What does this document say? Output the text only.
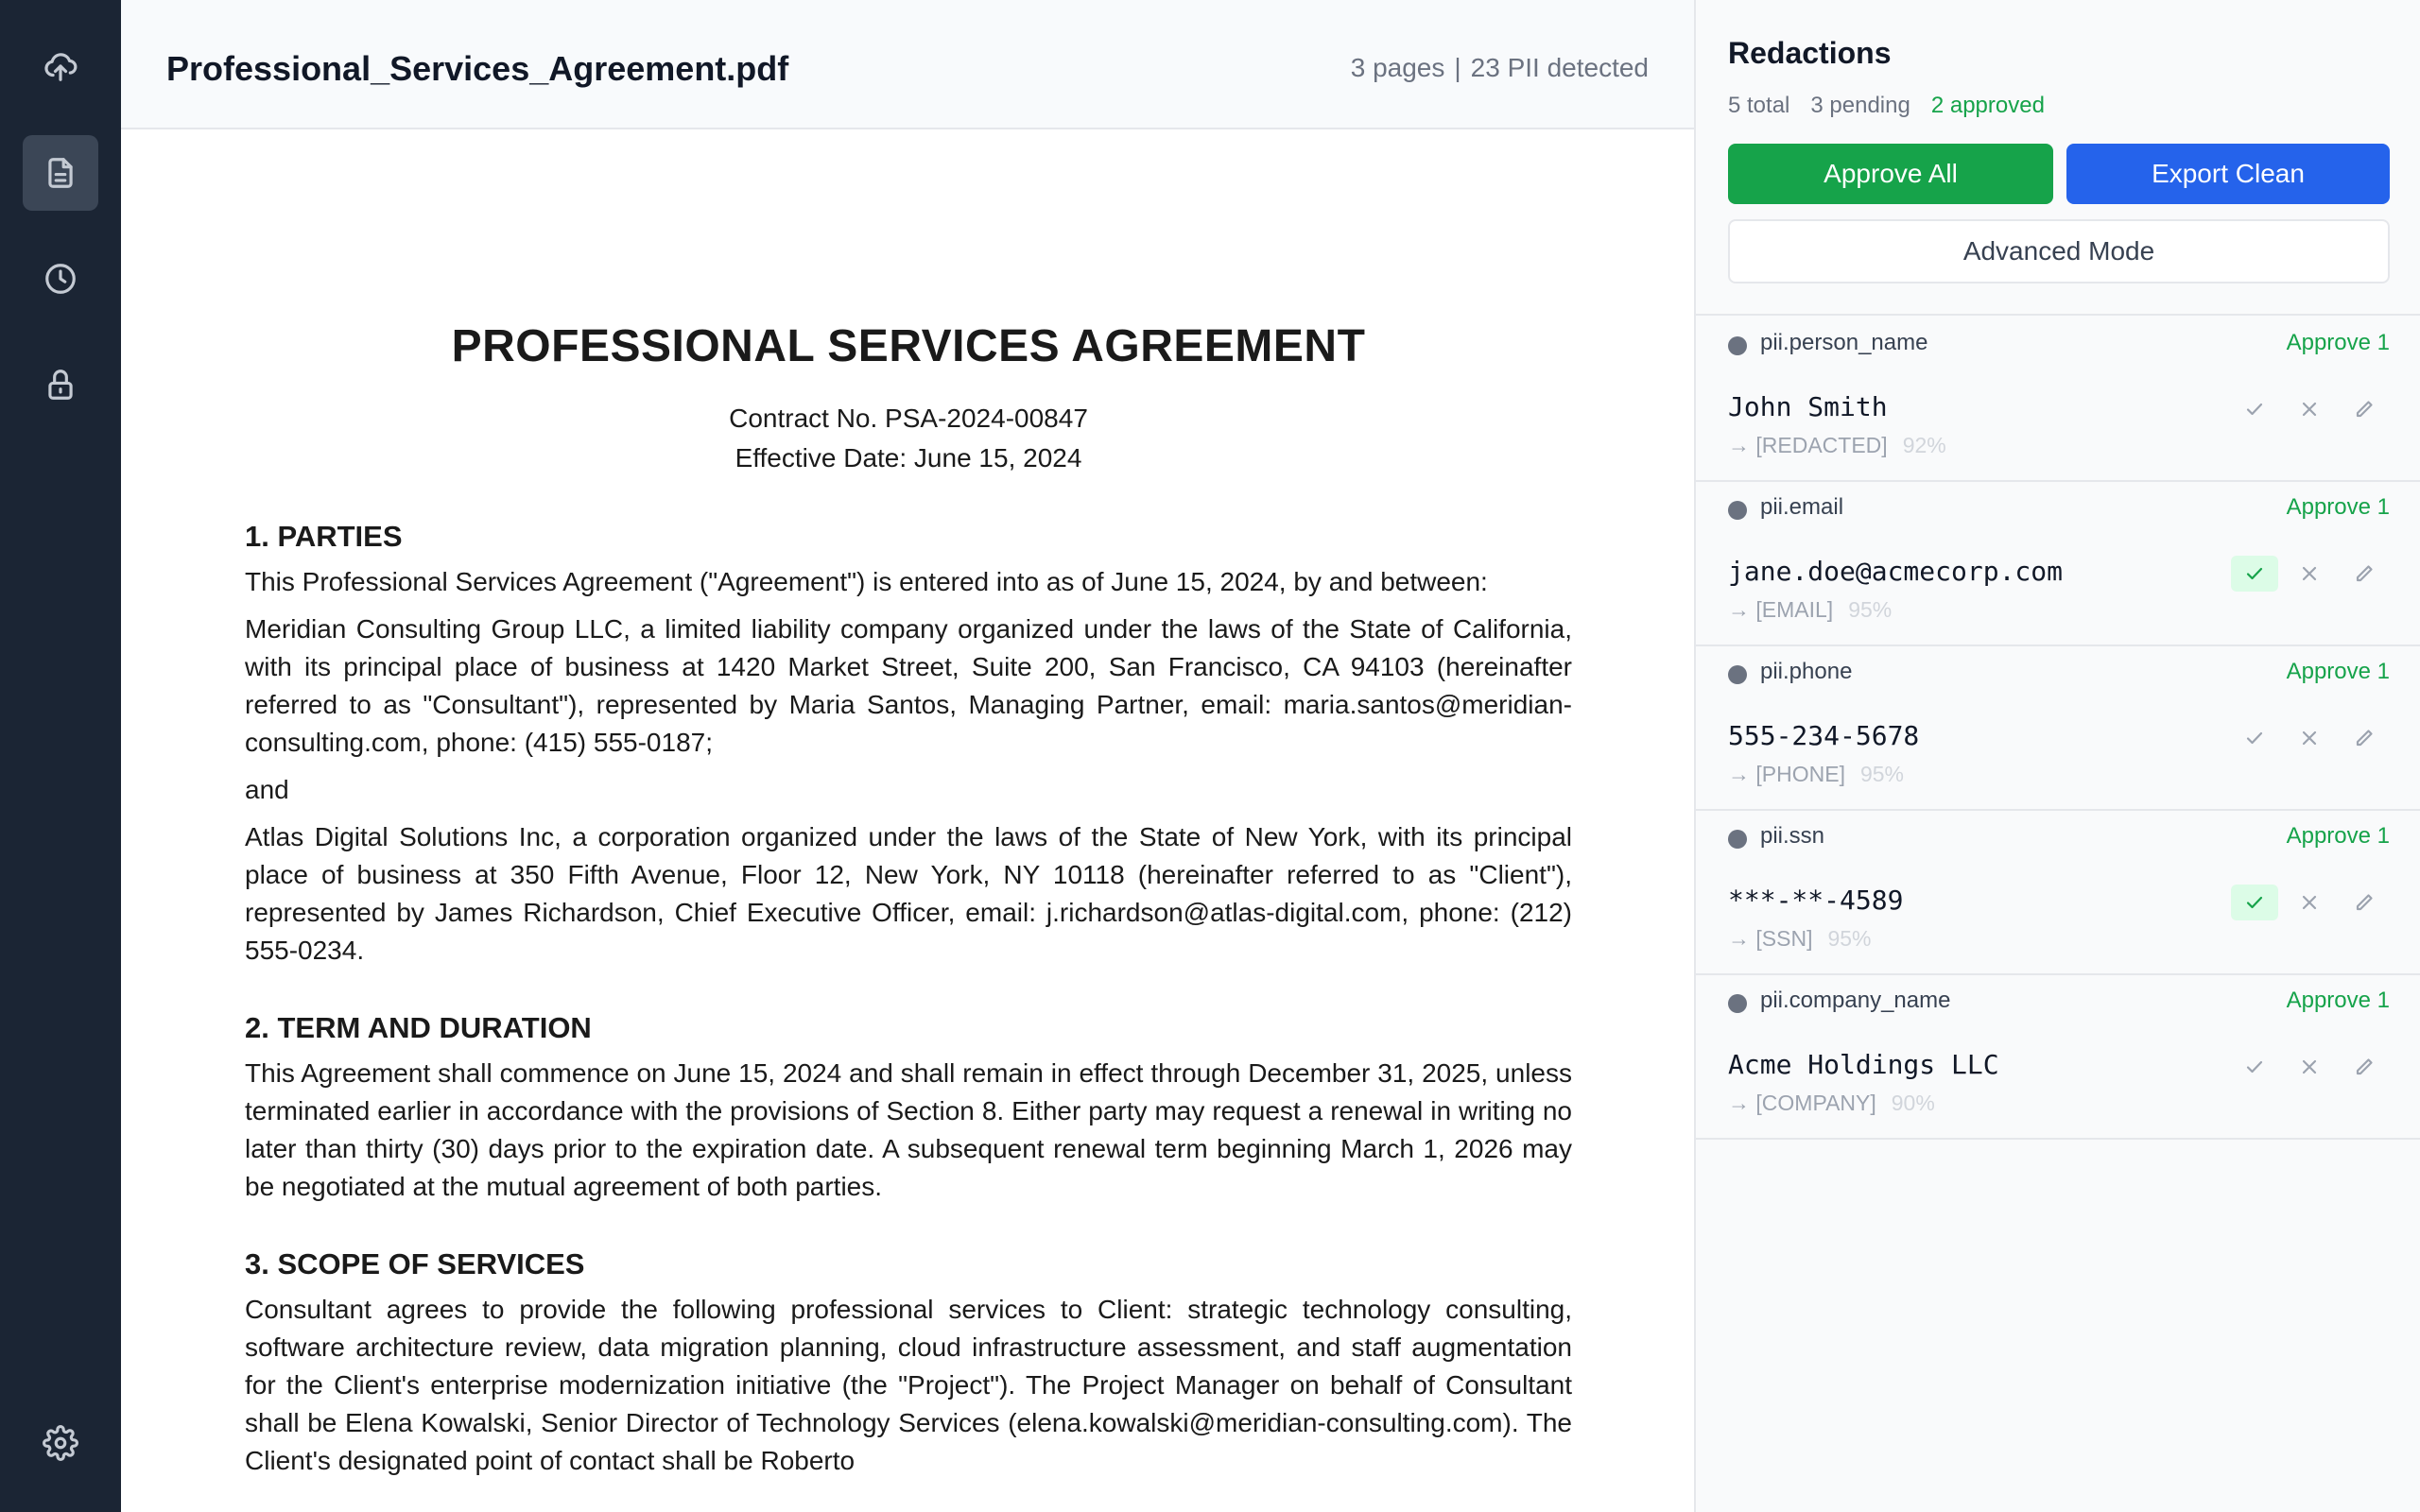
Professional_Services_Agreement.pdf	3 pages | 23 PII detected
PROFESSIONAL SERVICES AGREEMENT
Contract No. PSA-2024-00847
Effective Date: June 15, 2024
1. PARTIES
This Professional Services Agreement ("Agreement") is entered into as of June 15, 2024, by and between:
Meridian Consulting Group LLC, a limited liability company organized under the laws of the State of California, with its principal place of business at 1420 Market Street, Suite 200, San Francisco, CA 94103 (hereinafter referred to as "Consultant"), represented by Maria Santos, Managing Partner, email: maria.santos@meridian-consulting.com, phone: (415) 555-0187;
and
Atlas Digital Solutions Inc, a corporation organized under the laws of the State of New York, with its principal place of business at 350 Fifth Avenue, Floor 12, New York, NY 10118 (hereinafter referred to as "Client"), represented by James Richardson, Chief Executive Officer, email: j.richardson@atlas-digital.com, phone: (212) 555-0234.
2. TERM AND DURATION
This Agreement shall commence on June 15, 2024 and shall remain in effect through December 31, 2025, unless terminated earlier in accordance with the provisions of Section 8. Either party may request a renewal in writing no later than thirty (30) days prior to the expiration date. A subsequent renewal term beginning March 1, 2026 may be negotiated at the mutual agreement of both parties.
3. SCOPE OF SERVICES
Consultant agrees to provide the following professional services to Client: strategic technology consulting, software architecture review, data migration planning, cloud infrastructure assessment, and staff augmentation for the Client's enterprise modernization initiative (the "Project"). The Project Manager on behalf of Consultant shall be Elena Kowalski, Senior Director of Technology Services (elena.kowalski@meridian-consulting.com). The Client's designated point of contact shall be Roberto
Redactions
5 total 3 pending 2 approved
Approve All	Export Clean
Advanced Mode
pii.person_name	Approve 1
John Smith
→ [REDACTED] 92%
pii.email	Approve 1
jane.doe@acmecorp.com
→ [EMAIL] 95%
pii.phone	Approve 1
555-234-5678
→ [PHONE] 95%
pii.ssn	Approve 1
***-**-4589
→ [SSN] 95%
pii.company_name	Approve 1
Acme Holdings LLC
→ [COMPANY] 90%
